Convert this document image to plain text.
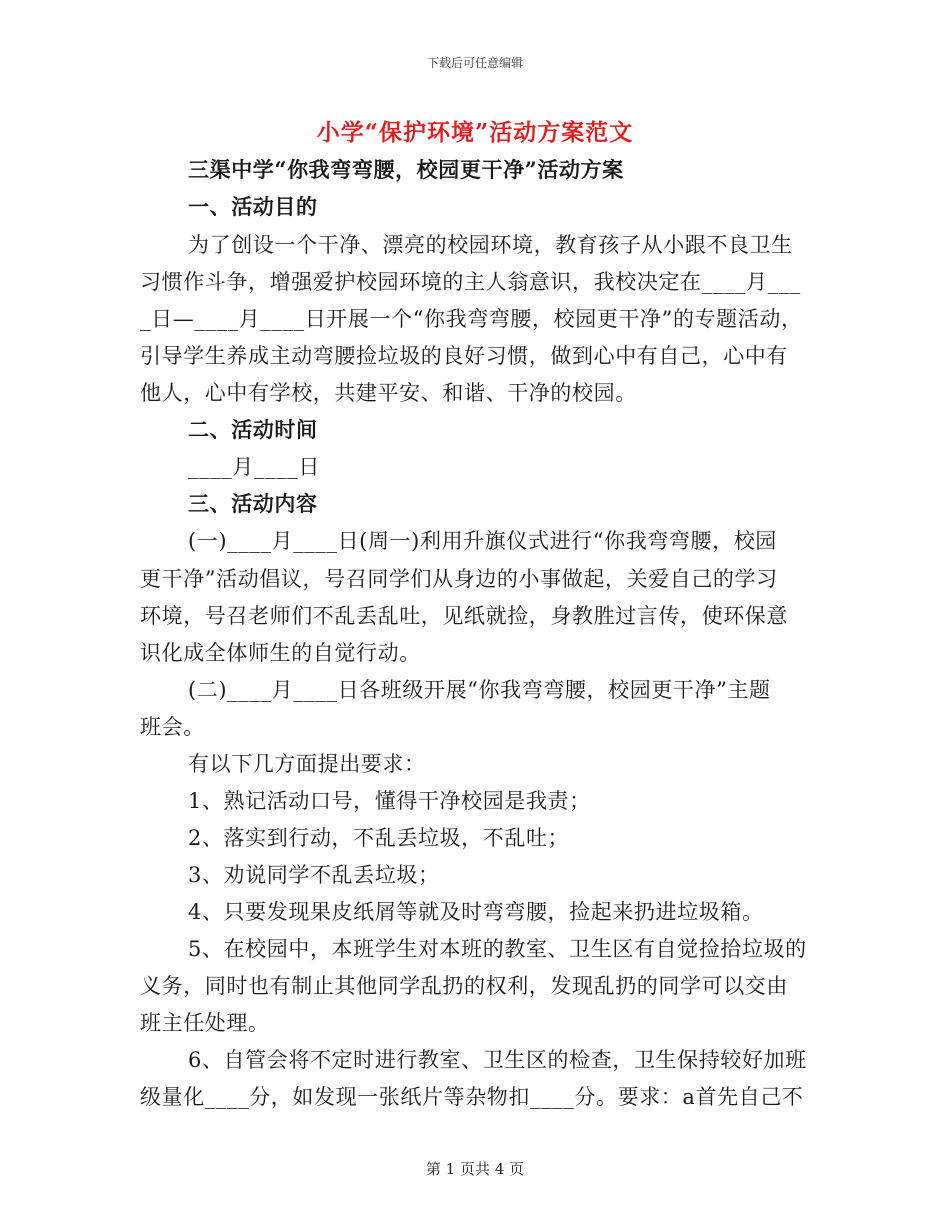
下载后可任意编辑
小学“保护环境”活动方案范文
三渠中学“你我弯弯腰，校园更干净”活动方案
一、活动目的
为了创设一个干净、漂亮的校园环境，教育孩子从小跟不良卫生
习惯作斗争，增强爱护校园环境的主人翁意识，我校决定在____月___
_日—____月____日开展一个“你我弯弯腰，校园更干净”的专题活动，
引导学生养成主动弯腰捡垃圾的良好习惯，做到心中有自己，心中有
他人，心中有学校，共建平安、和谐、干净的校园。
二、活动时间
____月____日
三、活动内容
(一)____月____日(周一)利用升旗仪式进行“你我弯弯腰，校园
更干净”活动倡议，号召同学们从身边的小事做起，关爱自己的学习
环境，号召老师们不乱丢乱吐，见纸就捡，身教胜过言传，使环保意
识化成全体师生的自觉行动。
(二)____月____日各班级开展“你我弯弯腰，校园更干净”主题
班会。
有以下几方面提出要求：
1、熟记活动口号，懂得干净校园是我责；
2、落实到行动，不乱丢垃圾，不乱吐；
3、劝说同学不乱丢垃圾；
4、只要发现果皮纸屑等就及时弯弯腰，捡起来扔进垃圾箱。
5、在校园中，本班学生对本班的教室、卫生区有自觉捡拾垃圾的
义务，同时也有制止其他同学乱扔的权利，发现乱扔的同学可以交由
班主任处理。
6、自管会将不定时进行教室、卫生区的检查，卫生保持较好加班
级量化____分，如发现一张纸片等杂物扣____分。要求：a首先自己不
第 1 页共 4 页
